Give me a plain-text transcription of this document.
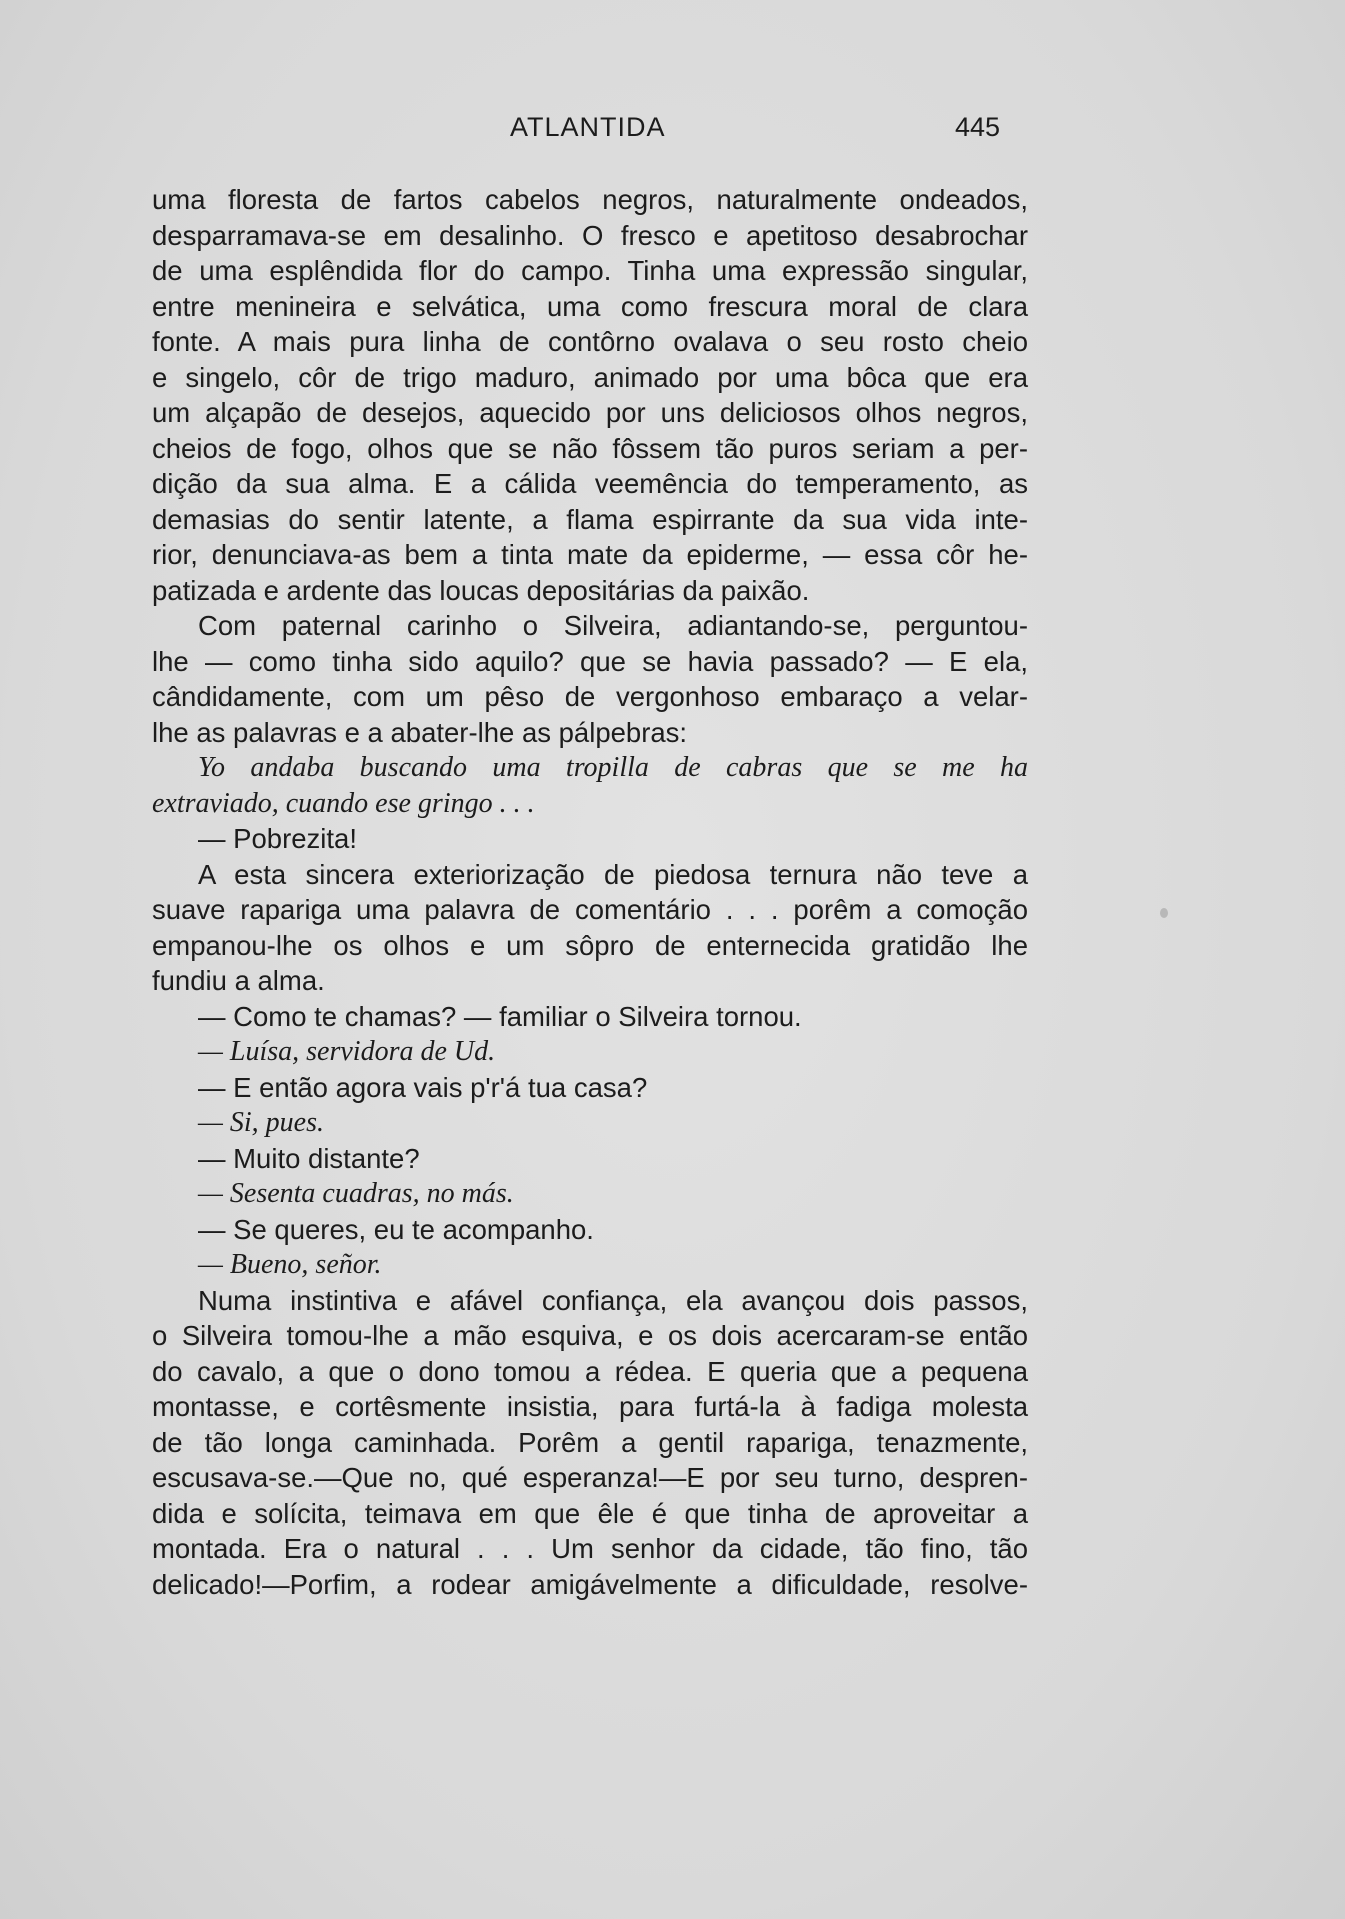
ATLANTIDA	445
uma floresta de fartos cabelos negros, naturalmente ondeados,
desparramava-se em desalinho. O fresco e apetitoso desabrochar
de uma esplêndida flor do campo. Tinha uma expressão singular,
entre menineira e selvática, uma como frescura moral de clara
fonte. A mais pura linha de contôrno ovalava o seu rosto cheio
e singelo, côr de trigo maduro, animado por uma bôca que era
um alçapão de desejos, aquecido por uns deliciosos olhos negros,
cheios de fogo, olhos que se não fôssem tão puros seriam a per-
dição da sua alma. E a cálida veemência do temperamento, as
demasias do sentir latente, a flama espirrante da sua vida inte-
rior, denunciava-as bem a tinta mate da epiderme, — essa côr he-
patizada e ardente das loucas depositárias da paixão.
Com paternal carinho o Silveira, adiantando-se, perguntou-
lhe — como tinha sido aquilo? que se havia passado? — E ela,
cândidamente, com um pêso de vergonhoso embaraço a velar-
lhe as palavras e a abater-lhe as pálpebras:
Yo andaba buscando uma tropilla de cabras que se me ha
extraviado, cuando ese gringo . . .
— Pobrezita!
A esta sincera exteriorização de piedosa ternura não teve a
suave rapariga uma palavra de comentário . . . porêm a comoção
empanou-lhe os olhos e um sôpro de enternecida gratidão lhe
fundiu a alma.
— Como te chamas? — familiar o Silveira tornou.
— Luísa, servidora de Ud.
— E então agora vais p'r'á tua casa?
— Si, pues.
— Muito distante?
— Sesenta cuadras, no más.
— Se queres, eu te acompanho.
— Bueno, señor.
Numa instintiva e afável confiança, ela avançou dois passos,
o Silveira tomou-lhe a mão esquiva, e os dois acercaram-se então
do cavalo, a que o dono tomou a rédea. E queria que a pequena
montasse, e cortêsmente insistia, para furtá-la à fadiga molesta
de tão longa caminhada. Porêm a gentil rapariga, tenazmente,
escusava-se.—Que no, qué esperanza!—E por seu turno, despren-
dida e solícita, teimava em que êle é que tinha de aproveitar a
montada. Era o natural . . . Um senhor da cidade, tão fino, tão
delicado!—Porfim, a rodear amigávelmente a dificuldade, resolve-
